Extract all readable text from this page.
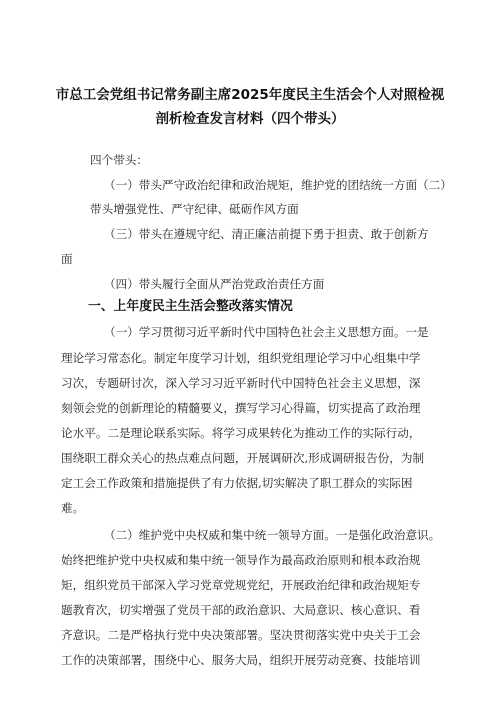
市总工会党组书记常务副主席2025年度民主生活会个人对照检视
剖析检查发言材料（四个带头）
四个带头：
（一）带头严守政治纪律和政治规矩，维护党的团结统一方面（二）
带头增强党性、严守纪律、砥砺作风方面
（三）带头在遵规守纪、清正廉洁前提下勇于担责、敢于创新方
面
（四）带头履行全面从严治党政治责任方面
一、上年度民主生活会整改落实情况
（一）学习贯彻习近平新时代中国特色社会主义思想方面。一是
理论学习常态化。制定年度学习计划，组织党组理论学习中心组集中学
习次，专题研讨次，深入学习习近平新时代中国特色社会主义思想，深
刻领会党的创新理论的精髓要义，撰写学习心得篇，切实提高了政治理
论水平。二是理论联系实际。将学习成果转化为推动工作的实际行动，
围绕职工群众关心的热点难点问题，开展调研次,形成调研报告份，为制
定工会工作政策和措施提供了有力依据,切实解决了职工群众的实际困
难。
（二）维护党中央权威和集中统一领导方面。一是强化政治意识。
始终把维护党中央权威和集中统一领导作为最高政治原则和根本政治规
矩，组织党员干部深入学习党章党规党纪，开展政治纪律和政治规矩专
题教育次，切实增强了党员干部的政治意识、大局意识、核心意识、看
齐意识。二是严格执行党中央决策部署。坚决贯彻落实党中央关于工会
工作的决策部署，围绕中心、服务大局，组织开展劳动竞赛、技能培训
